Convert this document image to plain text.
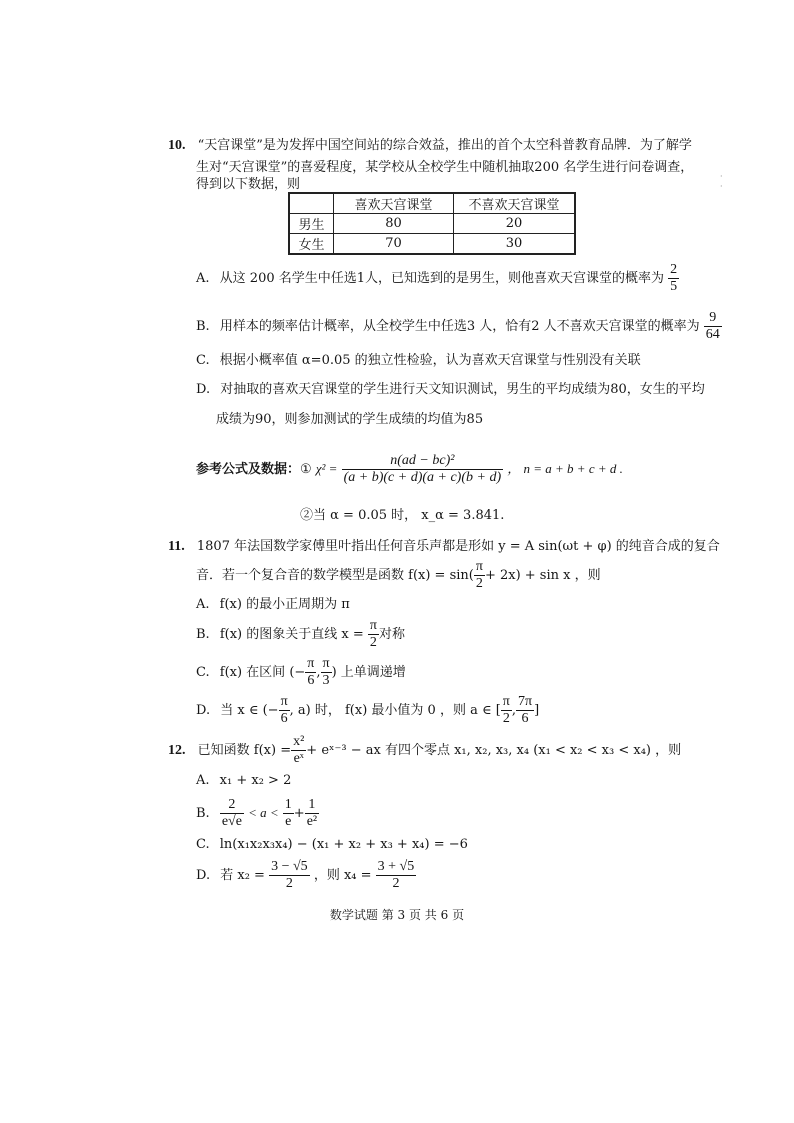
10. “天宫课堂”是为发挥中国空间站的综合效益，推出的首个太空科普教育品牌．为了解学
生对“天宫课堂”的喜爱程度，某学校从全校学生中随机抽取200 名学生进行问卷调查，
得到以下数据，则
	喜欢天宫课堂	不喜欢天宫课堂
男生	80	20
女生	70	30
A. 从这 200 名学生中任选1人，已知选到的是男生，则他喜欢天宫课堂的概率为 $\frac{2}{5}$
B. 用样本的频率估计概率，从全校学生中任选3 人，恰有2 人不喜欢天宫课堂的概率为 $\frac{9}{64}$
C. 根据小概率值 α=0.05 的独立性检验，认为喜欢天宫课堂与性别没有关联
D. 对抽取的喜欢天宫课堂的学生进行天文知识测试，男生的平均成绩为80，女生的平均
成绩为90，则参加测试的学生成绩的均值为85
参考公式及数据：① $\chi^2 = \frac{\text{n(ad − bc)²}}{(a + b)(c + d)(a + c)(b + d)}$ ， n = a + b + c + d .
②当 α = 0.05 时， x_α = 3.841.
11. 1807 年法国数学家傅里叶指出任何音乐声都是形如 y = A sin(ωt + φ) 的纯音合成的复合
音．若一个复合音的数学模型是函数 $f(x) = \sin( \frac{\pi}{2} + 2x) + \sin x$ ，则
A. f(x) 的最小正周期为 π
B. f(x) 的图象关于直线 $x = \frac{\pi}{2}$ 对称
C. f(x) 在区间 (− $\frac{\pi}{6}$ , $\frac{\pi}{3}$ ) 上单调递增
D. 当 x ∈ (− $\frac{\pi}{6}$ , a) 时， f(x) 最小值为 0 ，则 a ∈ [ $\frac{\pi}{2}$ , $\frac{7\pi}{6}$ ]
12. 已知函数 $f(x) = \frac{\text{x²}}{\text{eˣ}}$ + eˣ⁻³ − ax 有四个零点 x₁, x₂, x₃, x₄ (x₁ < x₂ < x₃ < x₄) ，则
A. x₁ + x₂ > 2
B. $\frac{2}{e√e} < a < \frac{1}{e} + \frac{1}{\text{e²}}$
C. ln(x₁x₂x₃x₄) − (x₁ + x₂ + x₃ + x₄) = −6
D. 若 $x_2 = \frac{3 - √5}{2}$ ，则 $x_4 = \frac{3 + √5}{2}$
数学试题 第 3 页 共 6 页
·
·
